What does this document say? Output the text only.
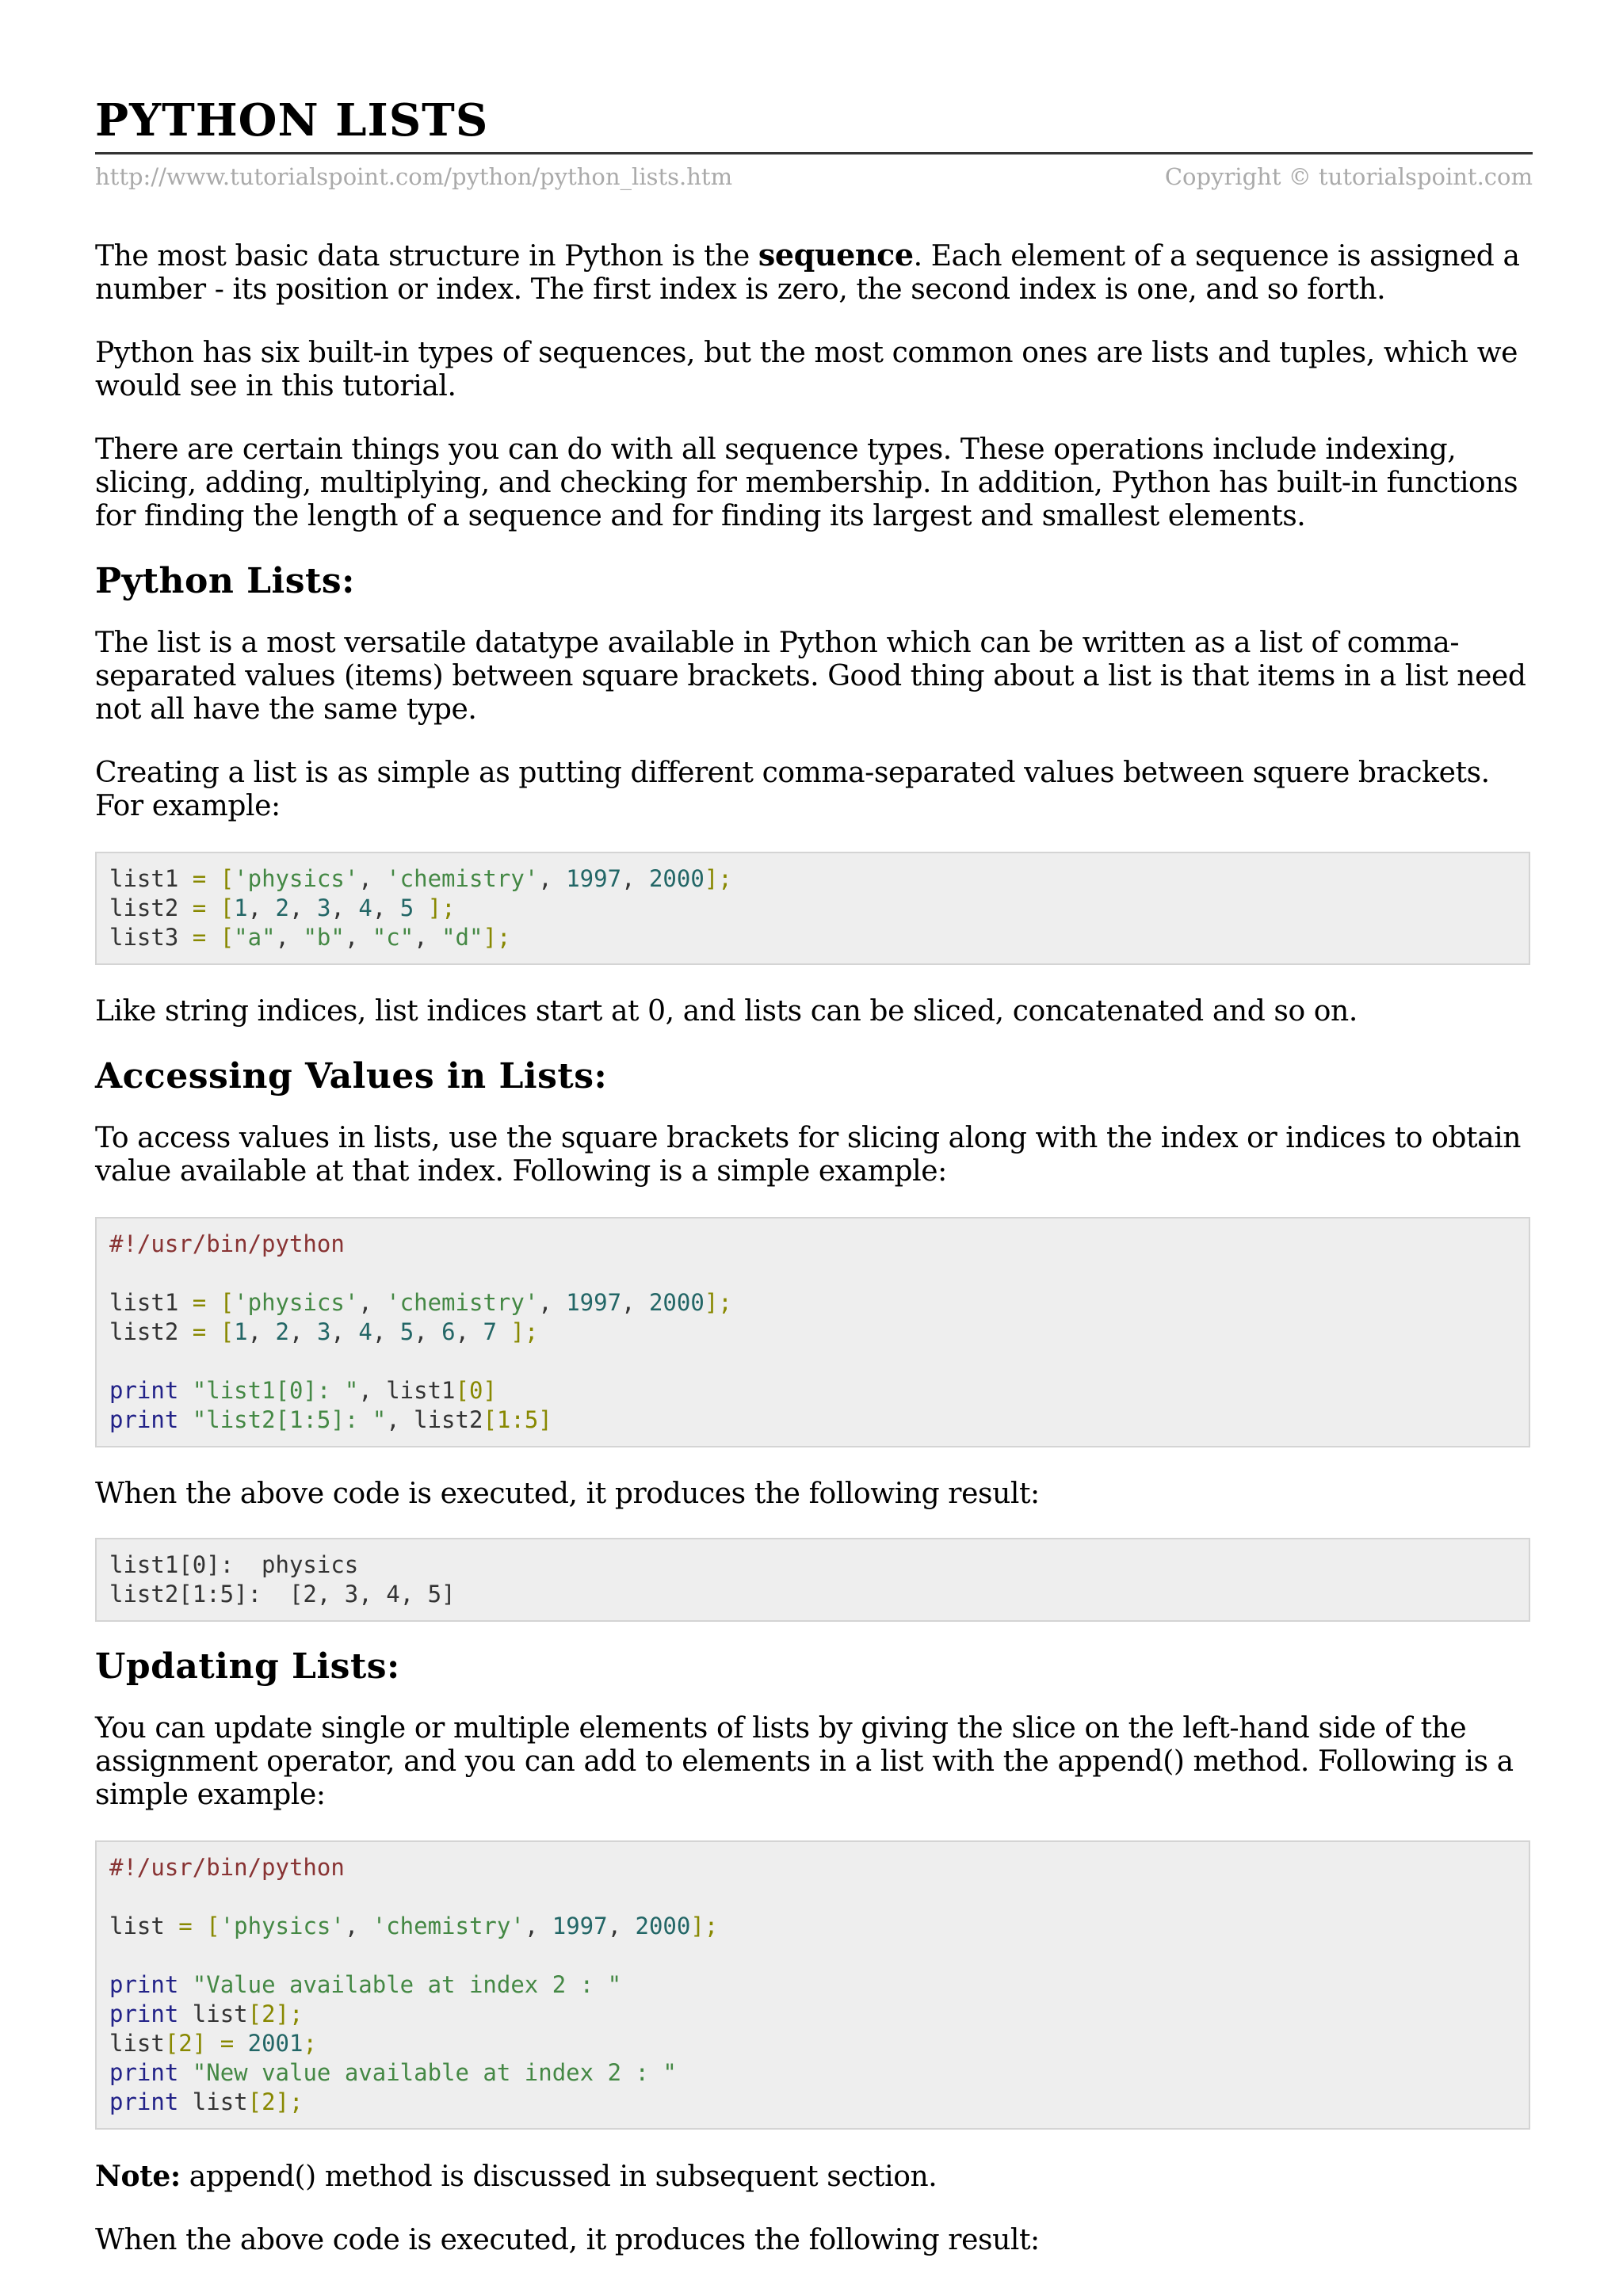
PYTHON LISTS
http://www.tutorialspoint.com/python/python_lists.htm	Copyright © tutorialspoint.com

The most basic data structure in Python is the sequence. Each element of a sequence is assigned a number - its position or index. The first index is zero, the second index is one, and so forth.

Python has six built-in types of sequences, but the most common ones are lists and tuples, which we would see in this tutorial.

There are certain things you can do with all sequence types. These operations include indexing, slicing, adding, multiplying, and checking for membership. In addition, Python has built-in functions for finding the length of a sequence and for finding its largest and smallest elements.

Python Lists:

The list is a most versatile datatype available in Python which can be written as a list of comma-separated values (items) between square brackets. Good thing about a list is that items in a list need not all have the same type.

Creating a list is as simple as putting different comma-separated values between squere brackets. For example:

list1 = ['physics', 'chemistry', 1997, 2000];
list2 = [1, 2, 3, 4, 5 ];
list3 = ["a", "b", "c", "d"];

Like string indices, list indices start at 0, and lists can be sliced, concatenated and so on.

Accessing Values in Lists:

To access values in lists, use the square brackets for slicing along with the index or indices to obtain value available at that index. Following is a simple example:

#!/usr/bin/python

list1 = ['physics', 'chemistry', 1997, 2000];
list2 = [1, 2, 3, 4, 5, 6, 7 ];

print "list1[0]: ", list1[0]
print "list2[1:5]: ", list2[1:5]

When the above code is executed, it produces the following result:

list1[0]:  physics
list2[1:5]:  [2, 3, 4, 5]
Updating Lists:

You can update single or multiple elements of lists by giving the slice on the left-hand side of the assignment operator, and you can add to elements in a list with the append() method. Following is a simple example:

#!/usr/bin/python

list = ['physics', 'chemistry', 1997, 2000];

print "Value available at index 2 : "
print list[2];
list[2] = 2001;
print "New value available at index 2 : "
print list[2];

Note: append() method is discussed in subsequent section.

When the above code is executed, it produces the following result:
